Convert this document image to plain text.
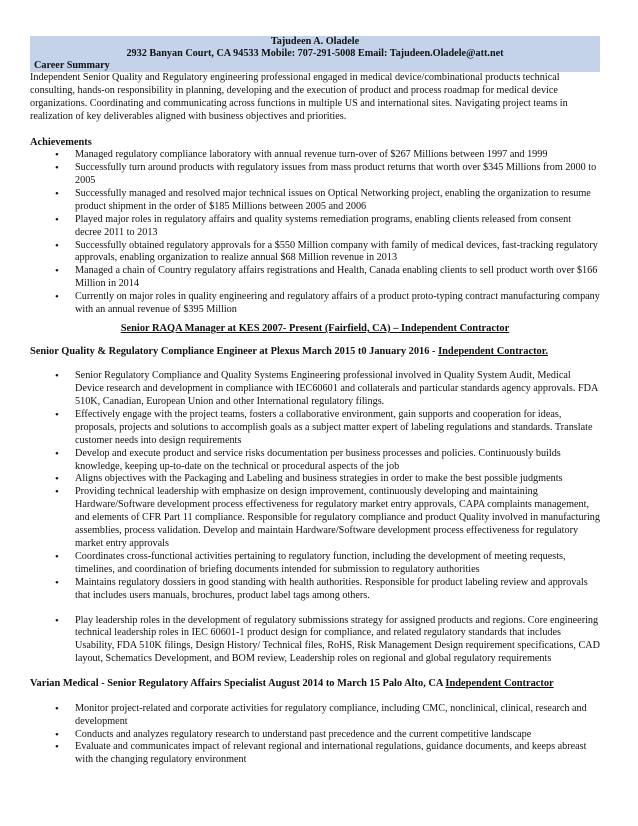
Tajudeen A. Oladele
2932 Banyan Court, CA 94533 Mobile: 707-291-5008 Email: Tajudeen.Oladele@att.net
Career Summary
Independent Senior Quality and Regulatory engineering professional engaged in medical device/combinational products technical consulting, hands-on responsibility in planning, developing and the execution of product and process roadmap for medical device organizations. Coordinating and communicating across functions in multiple US and international sites. Navigating project teams in realization of key deliverables aligned with business objectives and priorities.
Achievements
• Managed regulatory compliance laboratory with annual revenue turn-over of $267 Millions between 1997 and 1999
• Successfully turn around products with regulatory issues from mass product returns that worth over $345 Millions from 2000 to 2005
• Successfully managed and resolved major technical issues on Optical Networking project, enabling the organization to resume product shipment in the order of $185 Millions between 2005 and 2006
• Played major roles in regulatory affairs and quality systems remediation programs, enabling clients released from consent decree 2011 to 2013
• Successfully obtained regulatory approvals for a $550 Million company with family of medical devices, fast-tracking regulatory approvals, enabling organization to realize annual $68 Million revenue in 2013
• Managed a chain of Country regulatory affairs registrations and Health, Canada enabling clients to sell product worth over $166 Million in 2014
• Currently on major roles in quality engineering and regulatory affairs of a product proto-typing contract manufacturing company with an annual revenue of $395 Million
Senior RAQA Manager at KES 2007- Present (Fairfield, CA) – Independent Contractor
Senior Quality & Regulatory Compliance Engineer at Plexus March 2015 t0 January 2016 - Independent Contractor.
• Senior Regulatory Compliance and Quality Systems Engineering professional involved in Quality System Audit, Medical Device research and development in compliance with IEC60601 and collaterals and particular standards agency approvals. FDA 510K, Canadian, European Union and other International regulatory filings.
• Effectively engage with the project teams, fosters a collaborative environment, gain supports and cooperation for ideas, proposals, projects and solutions to accomplish goals as a subject matter expert of labeling regulations and standards. Translate customer needs into design requirements
• Develop and execute product and service risks documentation per business processes and policies. Continuously builds knowledge, keeping up-to-date on the technical or procedural aspects of the job
• Aligns objectives with the Packaging and Labeling and business strategies in order to make the best possible judgments
• Providing technical leadership with emphasize on design improvement, continuously developing and maintaining Hardware/Software development process effectiveness for regulatory market entry approvals, CAPA complaints management, and elements of CFR Part 11 compliance. Responsible for regulatory compliance and product Quality involved in manufacturing assemblies, process validation. Develop and maintain Hardware/Software development process effectiveness for regulatory market entry approvals
• Coordinates cross-functional activities pertaining to regulatory function, including the development of meeting requests, timelines, and coordination of briefing documents intended for submission to regulatory authorities
• Maintains regulatory dossiers in good standing with health authorities. Responsible for product labeling review and approvals that includes users manuals, brochures, product label tags among others.
• Play leadership roles in the development of regulatory submissions strategy for assigned products and regions. Core engineering technical leadership roles in IEC 60601-1 product design for compliance, and related regulatory standards that includes Usability, FDA 510K filings, Design History/ Technical files, RoHS, Risk Management Design requirement specifications, CAD layout, Schematics Development, and BOM review, Leadership roles on regional and global regulatory requirements
Varian Medical - Senior Regulatory Affairs Specialist August 2014 to March 15 Palo Alto, CA Independent Contractor
• Monitor project-related and corporate activities for regulatory compliance, including CMC, nonclinical, clinical, research and development
• Conducts and analyzes regulatory research to understand past precedence and the current competitive landscape
• Evaluate and communicates impact of relevant regional and international regulations, guidance documents, and keeps abreast with the changing regulatory environment
